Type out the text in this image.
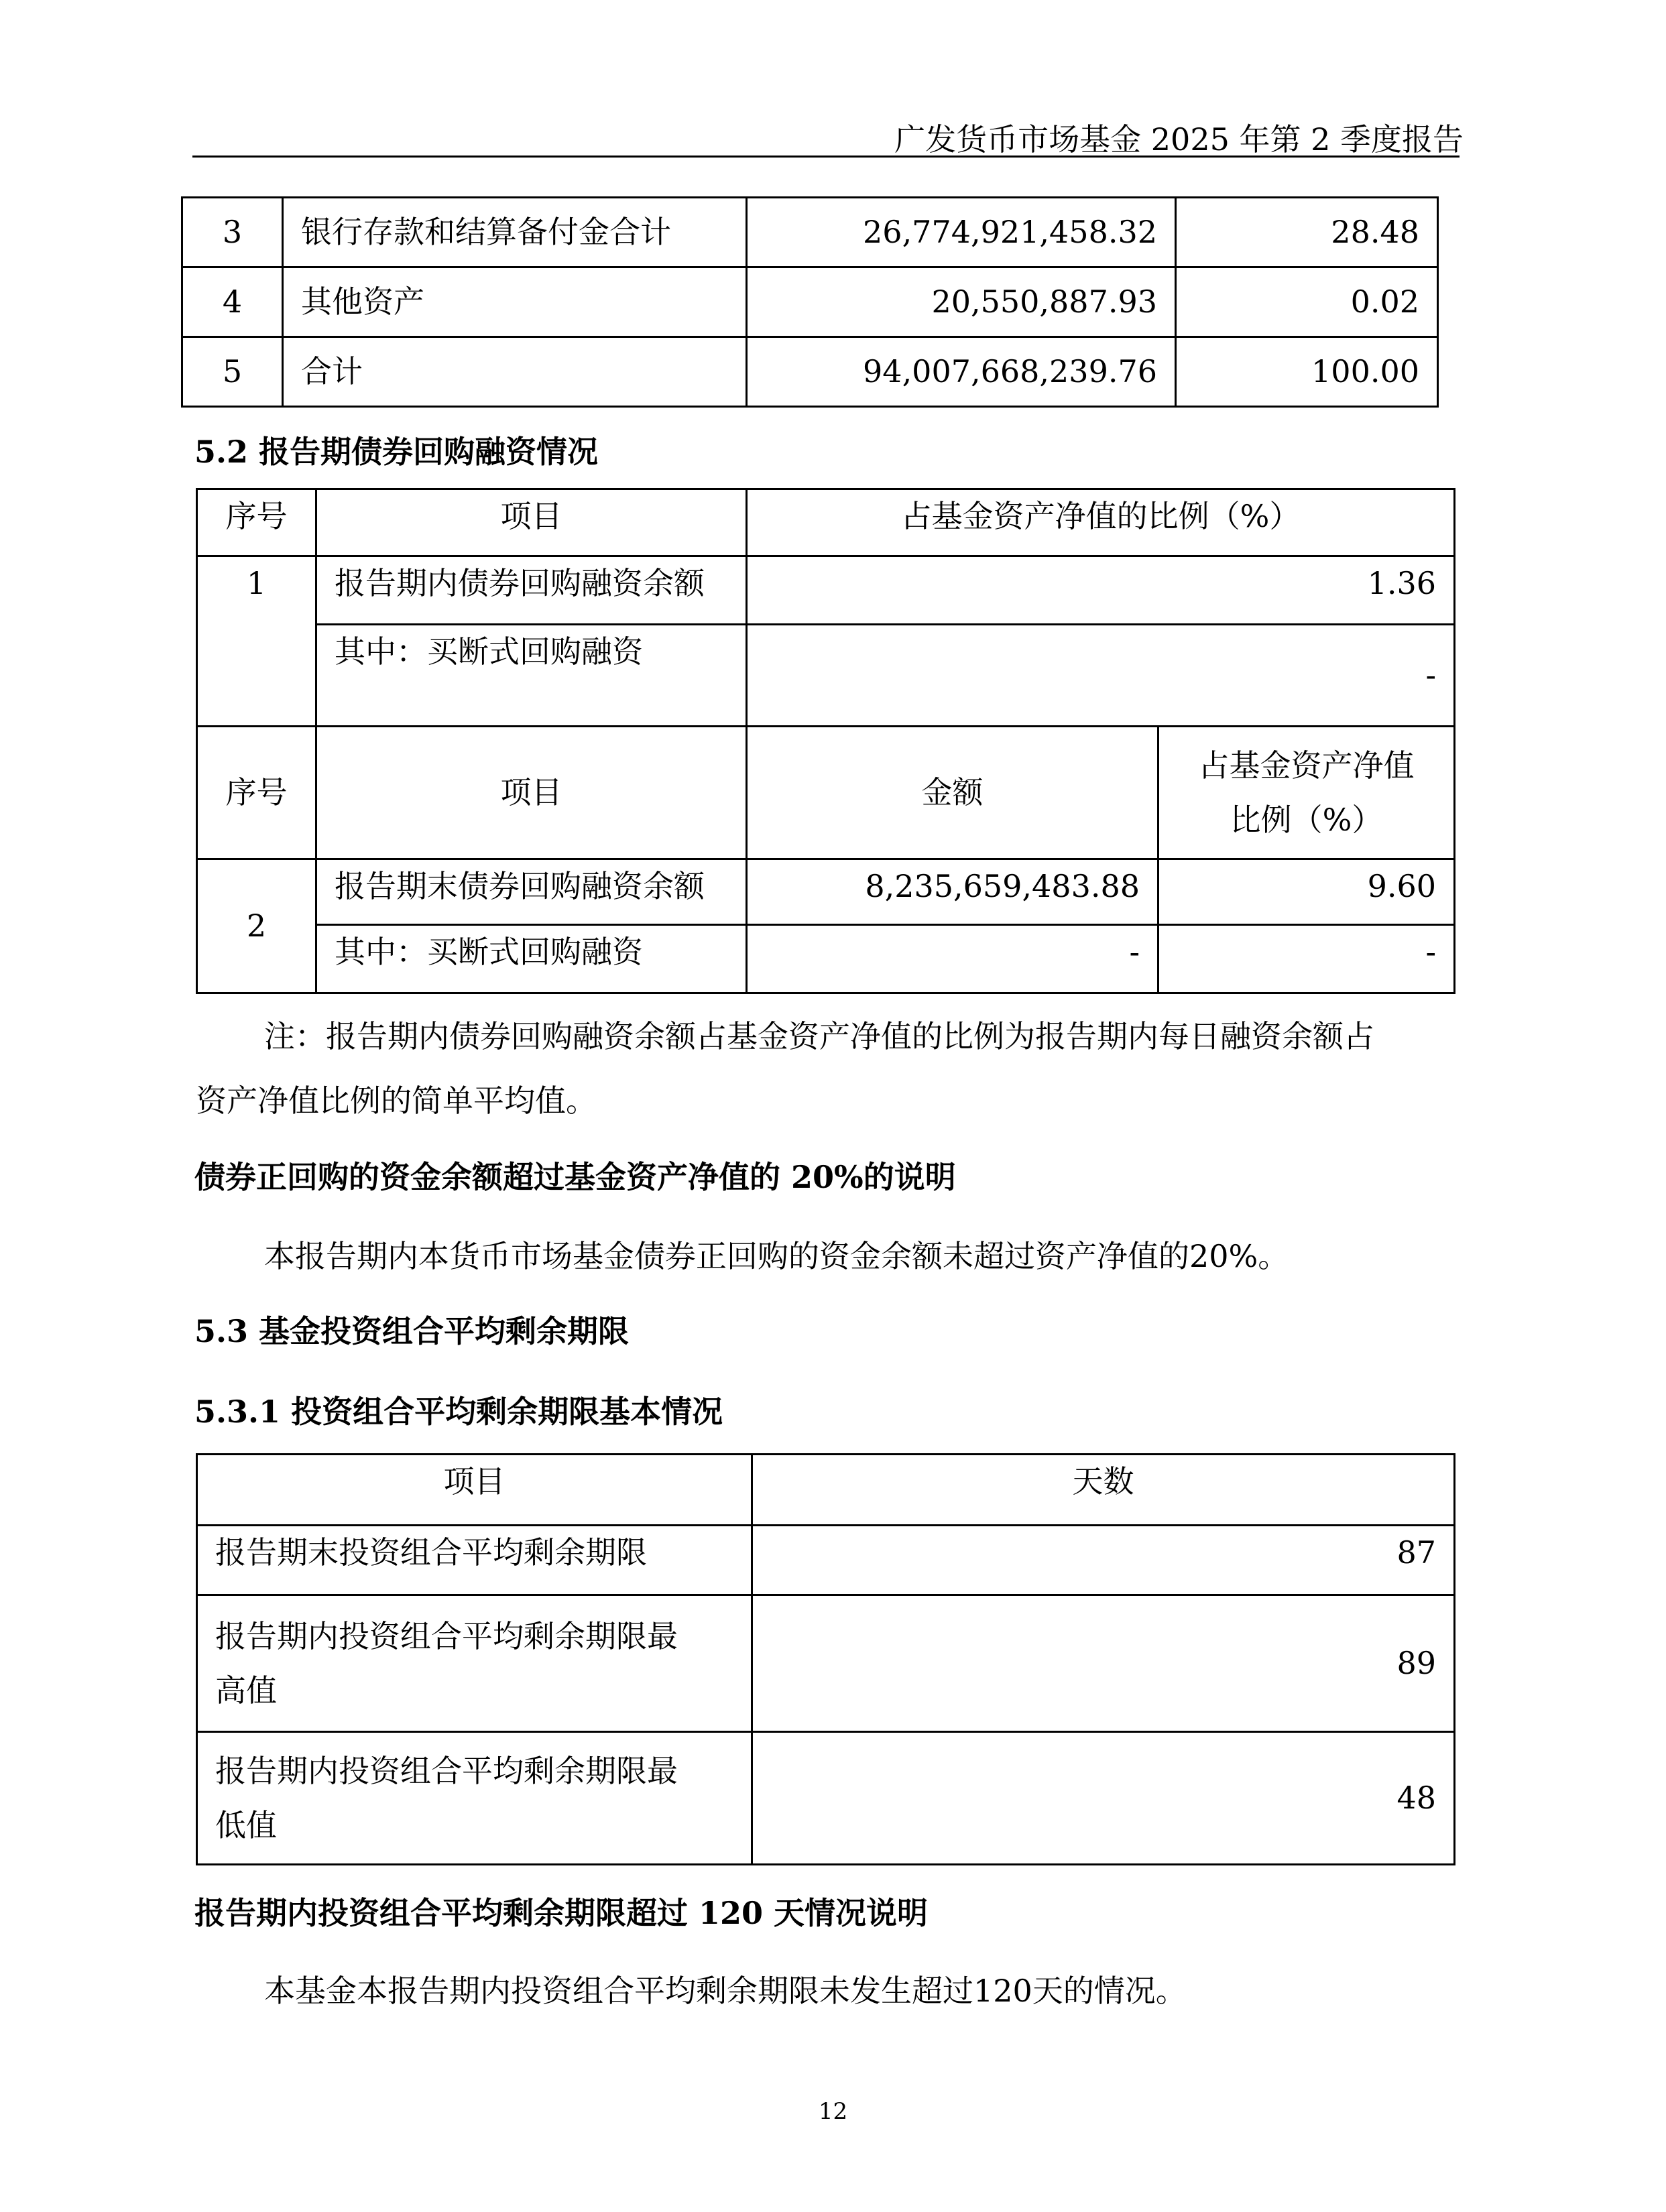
广发货币市场基金 2025 年第 2 季度报告
3	银行存款和结算备付金合计	26,774,921,458.32	28.48
4	其他资产	20,550,887.93	0.02
5	合计	94,007,668,239.76	100.00
5.2 报告期债券回购融资情况
序号	项目	占基金资产净值的比例（%）	
1	报告期内债券回购融资余额	1.36	
	其中：买断式回购融资	-	
序号	项目	金额	占基金资产净值
比例（%）
2	报告期末债券回购融资余额	8,235,659,483.88	9.60
	其中：买断式回购融资	-	-
注：报告期内债券回购融资余额占基金资产净值的比例为报告期内每日融资余额占
资产净值比例的简单平均值。
债券正回购的资金余额超过基金资产净值的 20%的说明
本报告期内本货币市场基金债券正回购的资金余额未超过资产净值的20%。
5.3 基金投资组合平均剩余期限
5.3.1 投资组合平均剩余期限基本情况
项目	天数
报告期末投资组合平均剩余期限	87
报告期内投资组合平均剩余期限最
高值	89
报告期内投资组合平均剩余期限最
低值	48
报告期内投资组合平均剩余期限超过 120 天情况说明
本基金本报告期内投资组合平均剩余期限未发生超过120天的情况。
12
